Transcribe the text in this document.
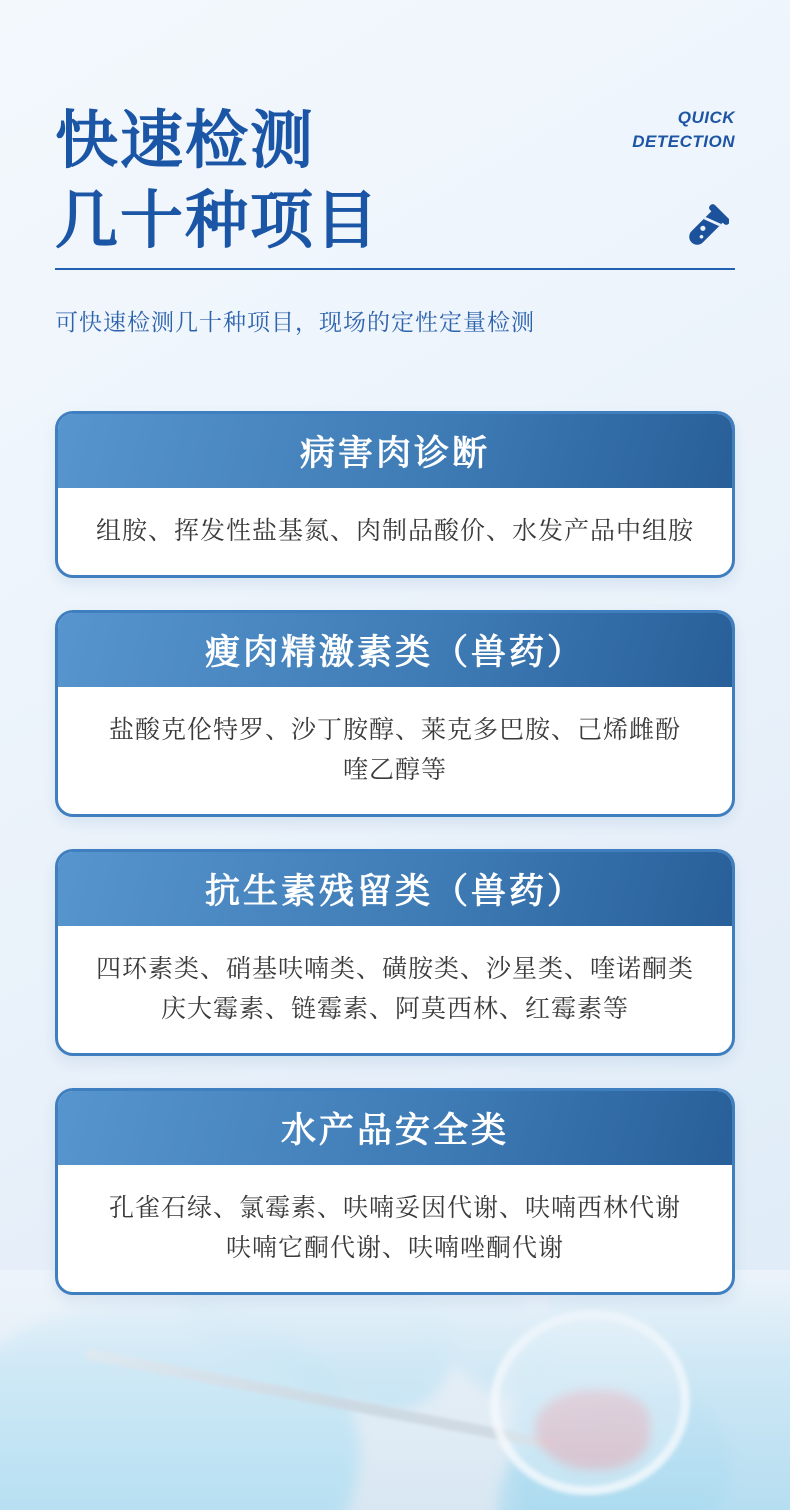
快速检测
几十种项目
QUICK
DETECTION

可快速检测几十种项目，现场的定性定量检测

病害肉诊断
组胺、挥发性盐基氮、肉制品酸价、水发产品中组胺
瘦肉精激素类（兽药）
盐酸克伦特罗、沙丁胺醇、莱克多巴胺、己烯雌酚
喹乙醇等
抗生素残留类（兽药）
四环素类、硝基呋喃类、磺胺类、沙星类、喹诺酮类
庆大霉素、链霉素、阿莫西林、红霉素等
水产品安全类
孔雀石绿、氯霉素、呋喃妥因代谢、呋喃西林代谢
呋喃它酮代谢、呋喃唑酮代谢
